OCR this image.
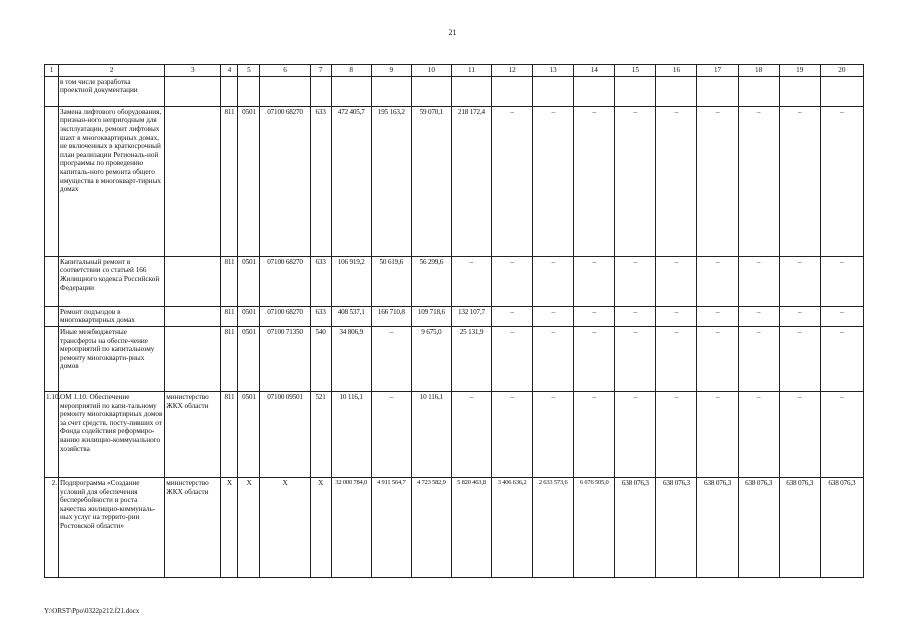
21
1	2	3	4	5	6	7	8	9	10	11	12	13	14	15	16	17	18	19	20
	в том числе разработка проектной документации																		
	Замена лифтового оборудования, признан-ного непригодным для эксплуатации, ремонт лифтовых шахт в многоквартирных домах, не включенных в краткосрочный план реализации Региональ-ной программы по проведению капиталь-ного ремонта общего имущества в многокварт-тирных домах		811	0501	07100 68270	633	472 405,7	195 163,2	59 070,1	218 172,4	–	–	–	–	–	–	–	–	–
	Капитальный ремонт в соответствии со статьей 166 Жилищного кодекса Российской Федерации		811	0501	07100 68270	633	106 919,2	50 619,6	56 299,6	–	–	–	–	–	–	–	–	–	–
	Ремонт подъездов в многоквартирных домах		811	0501	07100 68270	633	408 537,1	166 710,8	109 718,6	132 107,7	–	–	–	–	–	–	–	–	–
	Иные межбюджетные трансферты на обеспе-чение мероприятий по капитальному ремонту многокварти-рных домов		811	0501	07100 71350	540	34 806,9	–	9 675,0	25 131,9	–	–	–	–	–	–	–	–	–
1.10.	ОМ 1.10. Обеспечение мероприятий по капи-тальному ремонту многоквартирных домов за счет средств, посту-пивших от Фонда содействия реформиро-ванию жилищно-коммунального хозяйства	министерство ЖКХ области	811	0501	07100 09501	521	10 116,1	–	10 116,1	–	–	–	–	–	–	–	–	–	–
2.	Подпрограмма «Создание условий для обеспечения бесперебойности и роста качества жилищно-коммуналь-ных услуг на террито-рии Ростовской области»	министерство ЖКХ области	Х	Х	Х	Х	32 000 784,0	4 911 564,7	4 723 582,9	5 820 463,8	3 406 636,2	2 633 573,6	6 676 505,0	638 076,3	638 076,3	638 076,3	638 076,3	638 076,3	638 076,3
Y:\ORST\Ppo\0322p212.f21.docx
